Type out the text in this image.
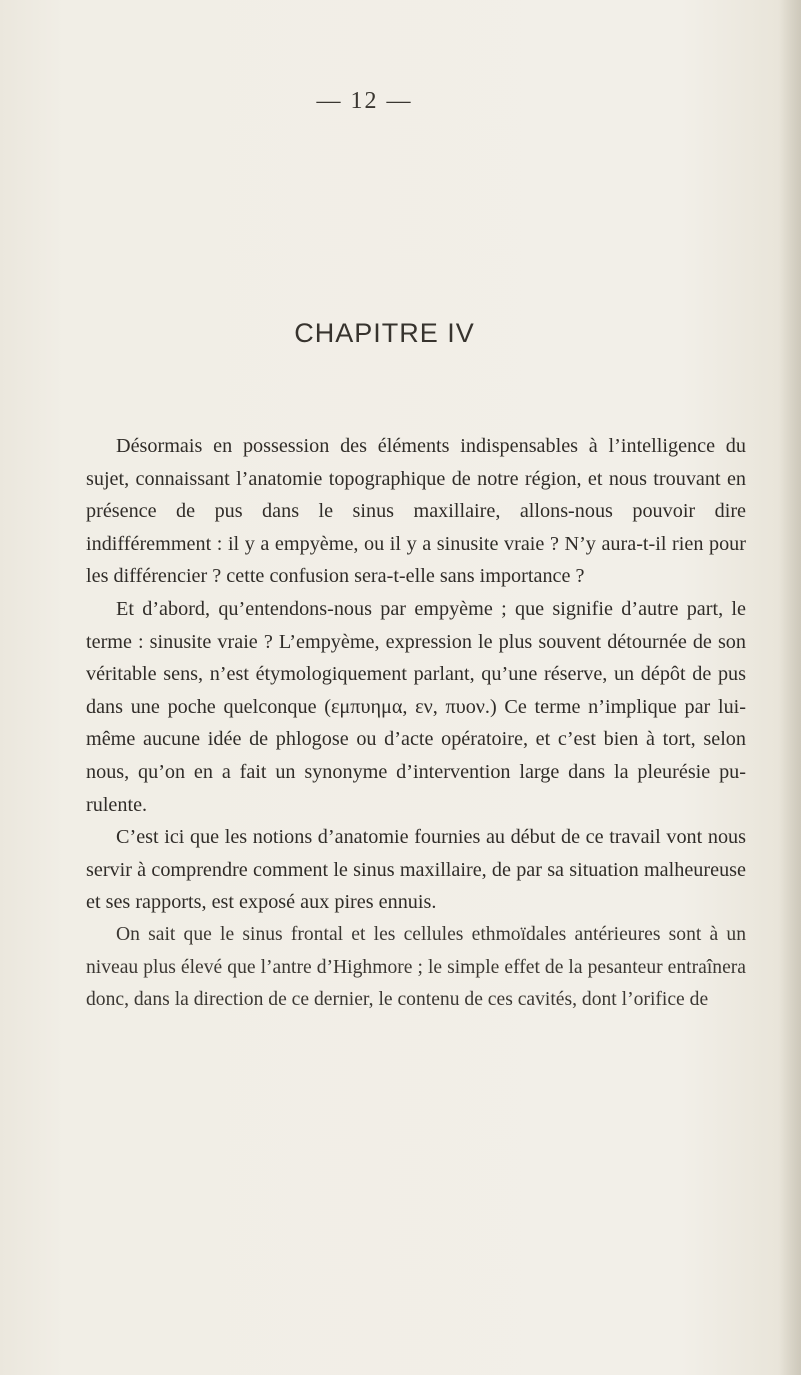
— 12 —
CHAPITRE IV

Désormais en possession des éléments indispensables à l’intelligence du sujet, connaissant l’anatomie topographique de notre région, et nous trouvant en présence de pus dans le sinus maxillaire, allons-nous pouvoir dire indifféremment : il y a empyème, ou il y a sinusite vraie ? N’y aura-t-il rien pour les différencier ? cette confusion sera-t-elle sans importance ?

Et d’abord, qu’entendons-nous par empyème ; que signifie d’autre part, le terme : sinusite vraie ? L’empyème, expression le plus souvent détournée de son véritable sens, n’est étymologiquement parlant, qu’une réserve, un dépôt de pus dans une poche quelconque (εμπυημα, εν, πυον.) Ce terme n’implique par lui-même aucune idée de phlogose ou d’acte opératoire, et c’est bien à tort, selon nous, qu’on en a fait un synonyme d’intervention large dans la pleurésie purulente.

C’est ici que les notions d’anatomie fournies au début de ce travail vont nous servir à comprendre comment le sinus maxillaire, de par sa situation malheureuse et ses rapports, est exposé aux pires ennuis.

On sait que le sinus frontal et les cellules ethmoïdales antérieures sont à un niveau plus élevé que l’antre d’Highmore ; le simple effet de la pesanteur entraînera donc, dans la direction de ce dernier, le contenu de ces cavités, dont l’orifice de
